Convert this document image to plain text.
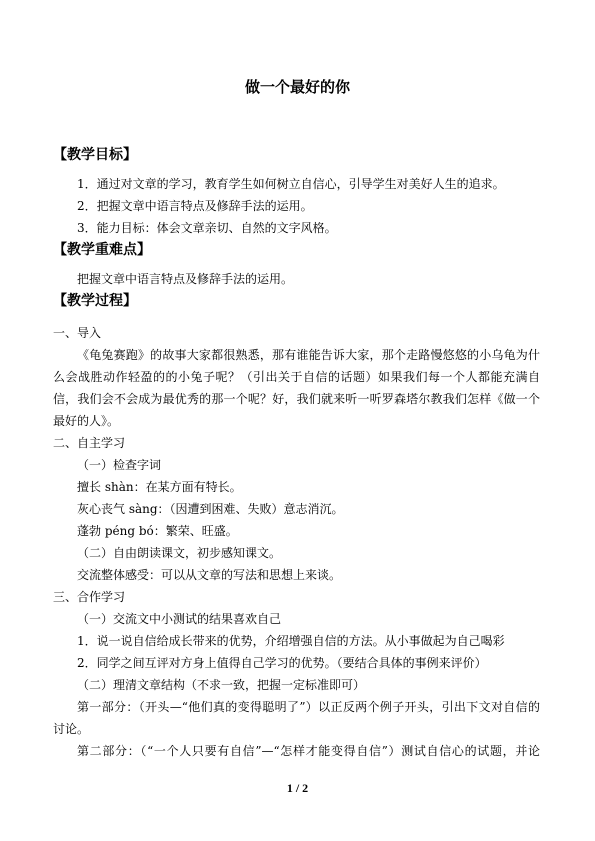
做一个最好的你
【教学目标】
1．通过对文章的学习，教育学生如何树立自信心，引导学生对美好人生的追求。
2．把握文章中语言特点及修辞手法的运用。
3．能力目标：体会文章亲切、自然的文字风格。
【教学重难点】
把握文章中语言特点及修辞手法的运用。
【教学过程】
一、导入
《龟兔赛跑》的故事大家都很熟悉，那有谁能告诉大家，那个走路慢悠悠的小乌龟为什
么会战胜动作轻盈的的小兔子呢？（引出关于自信的话题）如果我们每一个人都能充满自
信，我们会不会成为最优秀的那一个呢？好，我们就来听一听罗森塔尔教我们怎样《做一个
最好的人》。
二、自主学习
（一）检查字词
擅长 shàn：在某方面有特长。
灰心丧气 sàng：（因遭到困难、失败）意志消沉。
蓬勃 péng bó：繁荣、旺盛。
（二）自由朗读课文，初步感知课文。
交流整体感受：可以从文章的写法和思想上来谈。
三、合作学习
（一）交流文中小测试的结果喜欢自己
1．说一说自信给成长带来的优势，介绍增强自信的方法。从小事做起为自己喝彩
2．同学之间互评对方身上值得自己学习的优势。（要结合具体的事例来评价）
（二）理清文章结构（不求一致，把握一定标准即可）
第一部分：（开头—“他们真的变得聪明了”）以正反两个例子开头，引出下文对自信的
讨论。
第二部分：（“一个人只要有自信”—“怎样才能变得自信”）测试自信心的试题，并论
1 / 2
